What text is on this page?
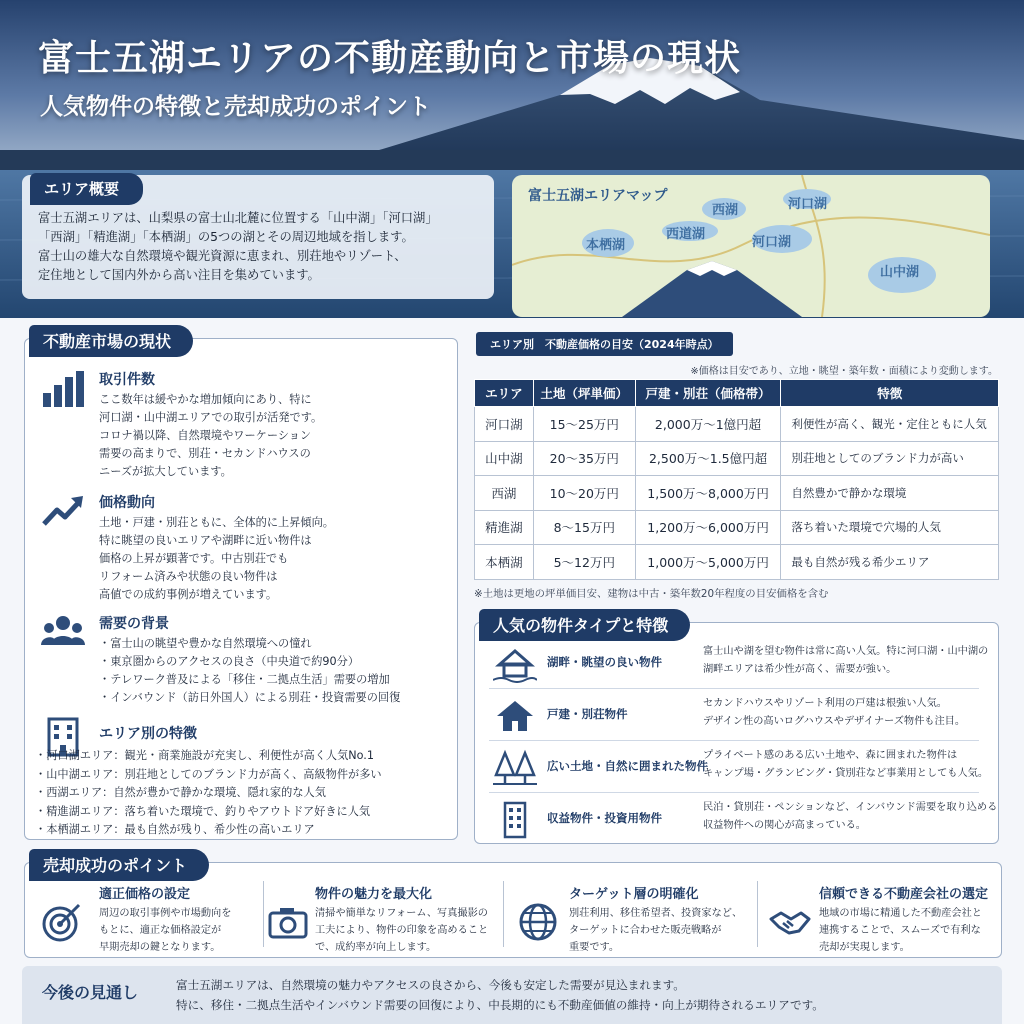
富士五湖エリアの不動産動向と市場の現状
人気物件の特徴と売却成功のポイント
エリア概要

富士五湖エリアは、山梨県の富士山北麓に位置する「山中湖」「河口湖」
「西湖」「精進湖」「本栖湖」の5つの湖とその周辺地域を指します。
富士山の雄大な自然環境や観光資源に恵まれ、別荘地やリゾート、
定住地として国内外から高い注目を集めています。

富士五湖エリアマップ
西湖	河口湖
本栖湖
西道湖
河口湖
山中湖
不動産市場の現状
取引件数
ここ数年は緩やかな増加傾向にあり、特に
河口湖・山中湖エリアでの取引が活発です。
コロナ禍以降、自然環境やワーケーション
需要の高まりで、別荘・セカンドハウスの
ニーズが拡大しています。
価格動向
土地・戸建・別荘ともに、全体的に上昇傾向。
特に眺望の良いエリアや湖畔に近い物件は
価格の上昇が顕著です。中古別荘でも
リフォーム済みや状態の良い物件は
高値での成約事例が増えています。
需要の背景
・富士山の眺望や豊かな自然環境への憧れ
・東京圏からのアクセスの良さ（中央道で約90分）
・テレワーク普及による「移住・二拠点生活」需要の増加
・インバウンド（訪日外国人）による別荘・投資需要の回復
エリア別の特徴
・河口湖エリア：観光・商業施設が充実し、利便性が高く人気No.1
・山中湖エリア：別荘地としてのブランド力が高く、高級物件が多い
・西湖エリア：自然が豊かで静かな環境、隠れ家的な人気
・精進湖エリア：落ち着いた環境で、釣りやアウトドア好きに人気
・本栖湖エリア：最も自然が残り、希少性の高いエリア
エリア別　不動産価格の目安（2024年時点）
※価格は目安であり、立地・眺望・築年数・面積により変動します。
エリア	土地（坪単価）	戸建・別荘（価格帯）	特徴
河口湖	15〜25万円	2,000万〜1億円超	利便性が高く、観光・定住ともに人気
山中湖	20〜35万円	2,500万〜1.5億円超	別荘地としてのブランド力が高い
西湖	10〜20万円	1,500万〜8,000万円	自然豊かで静かな環境
精進湖	8〜15万円	1,200万〜6,000万円	落ち着いた環境で穴場的人気
本栖湖	5〜12万円	1,000万〜5,000万円	最も自然が残る希少エリア
※土地は更地の坪単価目安、建物は中古・築年数20年程度の目安価格を含む
人気の物件タイプと特徴
湖畔・眺望の良い物件
富士山や湖を望む物件は常に高い人気。特に河口湖・山中湖の
湖畔エリアは希少性が高く、需要が強い。
戸建・別荘物件
セカンドハウスやリゾート利用の戸建は根強い人気。
デザイン性の高いログハウスやデザイナーズ物件も注目。
広い土地・自然に囲まれた物件
プライベート感のある広い土地や、森に囲まれた物件は
キャンプ場・グランピング・貸別荘など事業用としても人気。
収益物件・投資用物件
民泊・貸別荘・ペンションなど、インバウンド需要を取り込める
収益物件への関心が高まっている。
売却成功のポイント
適正価格の設定
周辺の取引事例や市場動向を
もとに、適正な価格設定が
早期売却の鍵となります。
物件の魅力を最大化
清掃や簡単なリフォーム、写真撮影の
工夫により、物件の印象を高めること
で、成約率が向上します。
ターゲット層の明確化
別荘利用、移住希望者、投資家など、
ターゲットに合わせた販売戦略が
重要です。
信頼できる不動産会社の選定
地域の市場に精通した不動産会社と
連携することで、スムーズで有利な
売却が実現します。
今後の見通し	富士五湖エリアは、自然環境の魅力やアクセスの良さから、今後も安定した需要が見込まれます。
特に、移住・二拠点生活やインバウンド需要の回復により、中長期的にも不動産価値の維持・向上が期待されるエリアです。
